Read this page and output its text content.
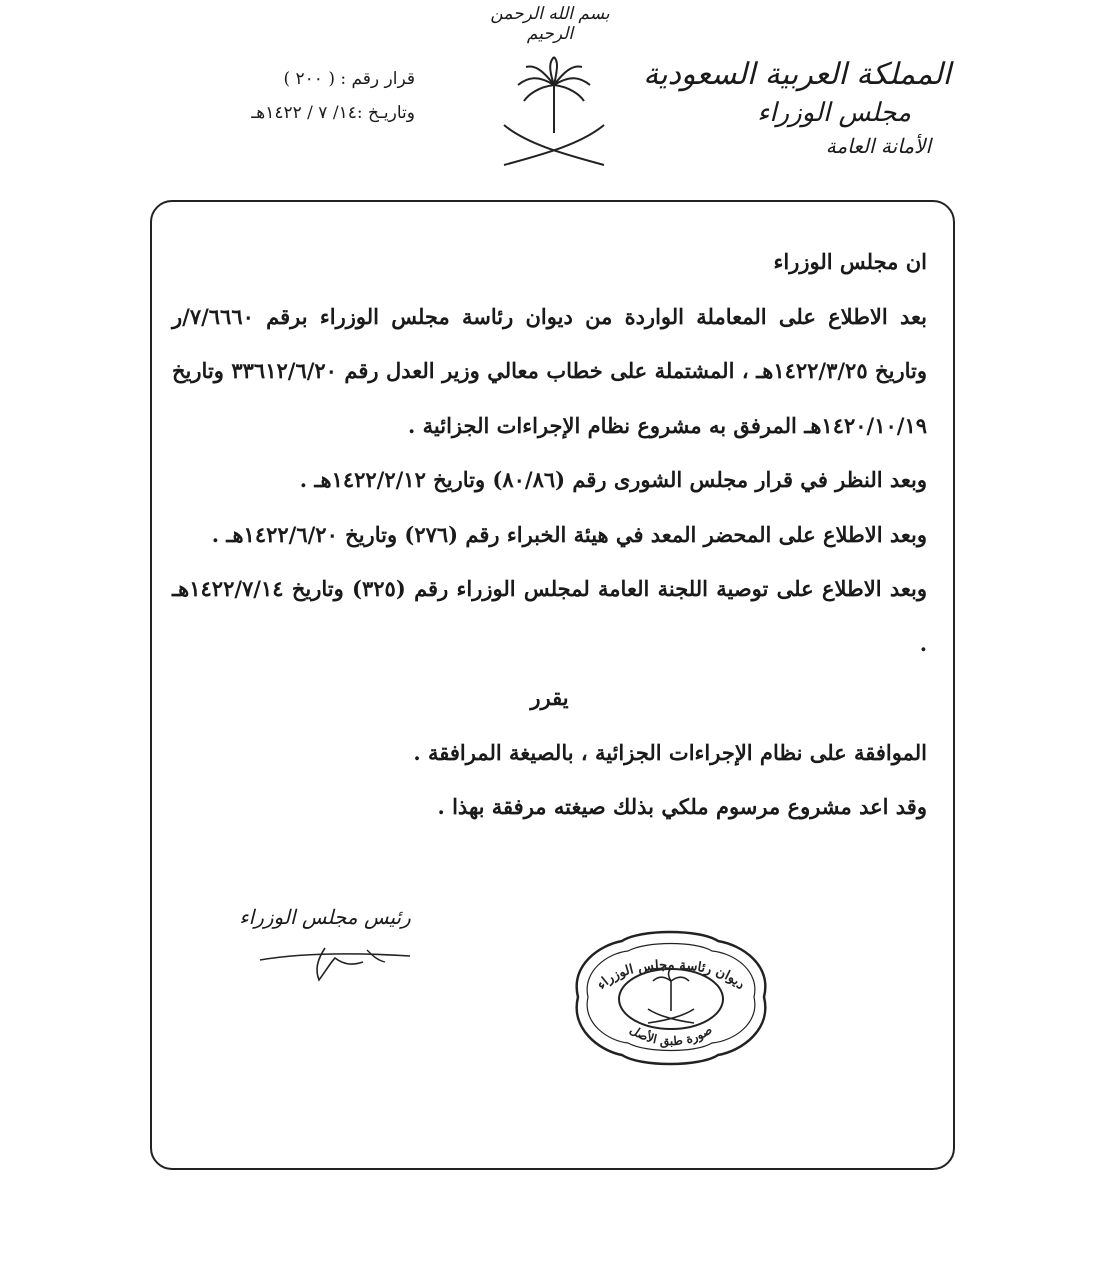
بسم الله الرحمن الرحيم
المملكة العربية السعودية
مجلس الوزراء
الأمانة العامة
قرار رقم : ( ٢٠٠ )
وتاريـخ :١٤/ ٧ / ١٤٢٢هـ

ان مجلس الوزراء

بعد الاطلاع على المعاملة الواردة من ديوان رئاسة مجلس الوزراء برقم ٧/٦٦٦٠/ر وتاريخ ١٤٢٢/٣/٢٥هـ ، المشتملة على خطاب معالي وزير العدل رقم ٣٣٦١٢/٦/٢٠ وتاريخ ١٤٢٠/١٠/١٩هـ المرفق به مشروع نظام الإجراءات الجزائية .

وبعد النظر في قرار مجلس الشورى رقم (٨٠/٨٦) وتاريخ ١٤٢٢/٢/١٢هـ .

وبعد الاطلاع على المحضر المعد في هيئة الخبراء رقم (٢٧٦) وتاريخ ١٤٢٢/٦/٢٠هـ .

وبعد الاطلاع على توصية اللجنة العامة لمجلس الوزراء رقم (٣٢٥) وتاريخ ١٤٢٢/٧/١٤هـ .

يقرر

الموافقة على نظام الإجراءات الجزائية ، بالصيغة المرافقة .

وقد اعد مشروع مرسوم ملكي بذلك صيغته مرفقة بهذا .

رئيس مجلس الوزراء
ديوان رئاسة مجلس الوزراء
صورة طبق الأصل
